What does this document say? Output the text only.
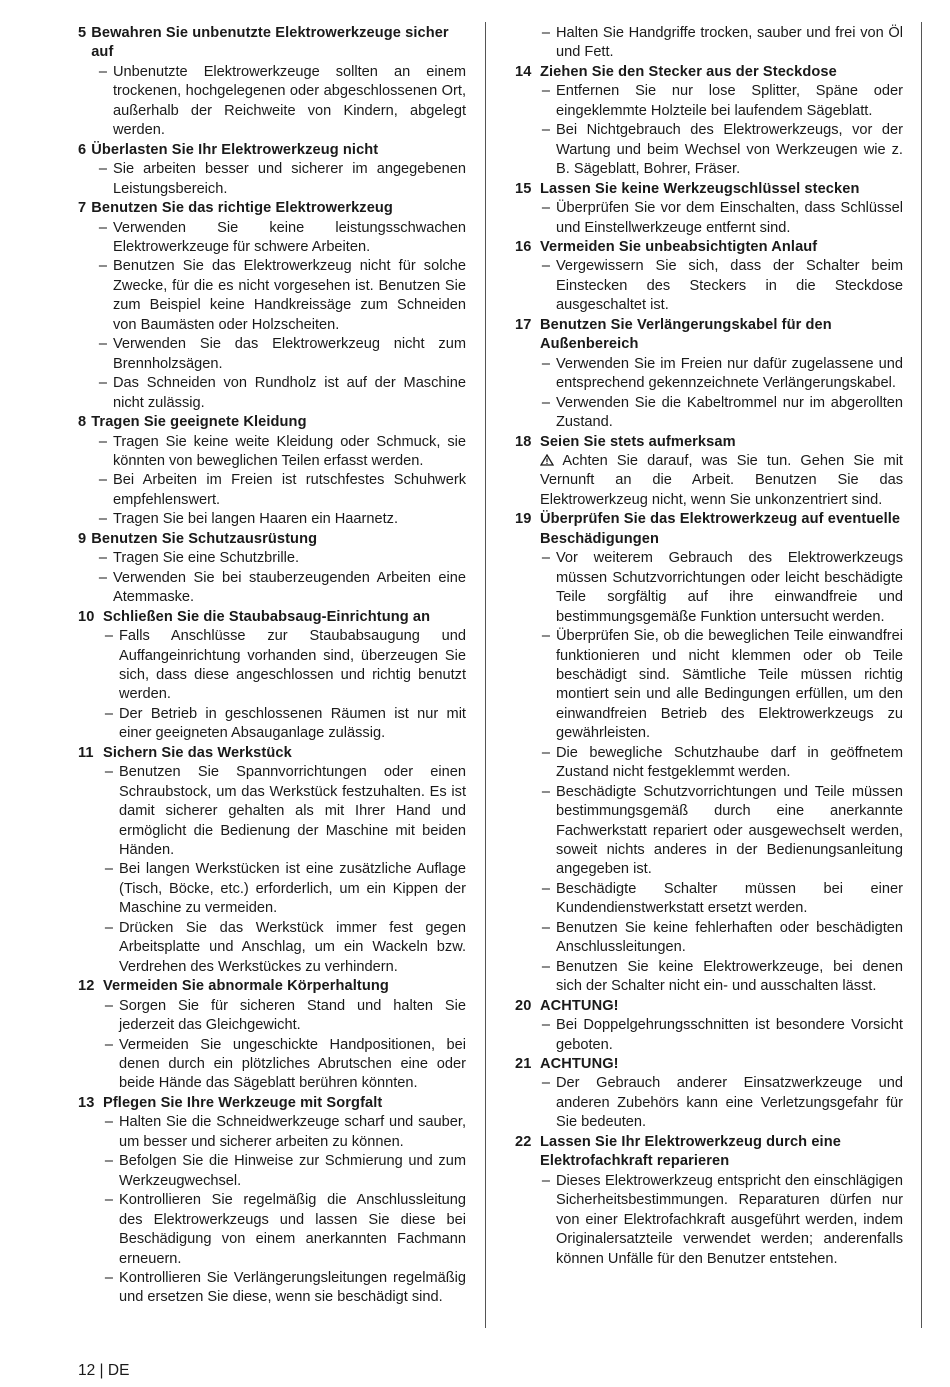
5 Bewahren Sie unbenutzte Elektrowerkzeuge sicher auf
– Unbenutzte Elektrowerkzeuge sollten an einem trockenen, hochgelegenen oder abgeschlossenen Ort, außerhalb der Reichweite von Kindern, abgelegt werden.
6 Überlasten Sie Ihr Elektrowerkzeug nicht
– Sie arbeiten besser und sicherer im angegebenen Leistungsbereich.
7 Benutzen Sie das richtige Elektrowerkzeug
– Verwenden Sie keine leistungsschwachen Elektrowerkzeuge für schwere Arbeiten.
– Benutzen Sie das Elektrowerkzeug nicht für solche Zwecke, für die es nicht vorgesehen ist. Benutzen Sie zum Beispiel keine Handkreissäge zum Schneiden von Baumästen oder Holzscheiten.
– Verwenden Sie das Elektrowerkzeug nicht zum Brennholzsägen.
– Das Schneiden von Rundholz ist auf der Maschine nicht zulässig.
8 Tragen Sie geeignete Kleidung
– Tragen Sie keine weite Kleidung oder Schmuck, sie könnten von beweglichen Teilen erfasst werden.
– Bei Arbeiten im Freien ist rutschfestes Schuhwerk empfehlenswert.
– Tragen Sie bei langen Haaren ein Haarnetz.
9 Benutzen Sie Schutzausrüstung
– Tragen Sie eine Schutzbrille.
– Verwenden Sie bei stauberzeugenden Arbeiten eine Atemmaske.
10 Schließen Sie die Staubabsaug-Einrichtung an
– Falls Anschlüsse zur Staubabsaugung und Auffangeinrichtung vorhanden sind, überzeugen Sie sich, dass diese angeschlossen und richtig benutzt werden.
– Der Betrieb in geschlossenen Räumen ist nur mit einer geeigneten Absauganlage zulässig.
11 Sichern Sie das Werkstück
– Benutzen Sie Spannvorrichtungen oder einen Schraubstock, um das Werkstück festzuhalten. Es ist damit sicherer gehalten als mit Ihrer Hand und ermöglicht die Bedienung der Maschine mit beiden Händen.
– Bei langen Werkstücken ist eine zusätzliche Auflage (Tisch, Böcke, etc.) erforderlich, um ein Kippen der Maschine zu vermeiden.
– Drücken Sie das Werkstück immer fest gegen Arbeitsplatte und Anschlag, um ein Wackeln bzw. Verdrehen des Werkstückes zu verhindern.
12 Vermeiden Sie abnormale Körperhaltung
– Sorgen Sie für sicheren Stand und halten Sie jederzeit das Gleichgewicht.
– Vermeiden Sie ungeschickte Handpositionen, bei denen durch ein plötzliches Abrutschen eine oder beide Hände das Sägeblatt berühren könnten.
13 Pflegen Sie Ihre Werkzeuge mit Sorgfalt
– Halten Sie die Schneidwerkzeuge scharf und sauber, um besser und sicherer arbeiten zu können.
– Befolgen Sie die Hinweise zur Schmierung und zum Werkzeugwechsel.
– Kontrollieren Sie regelmäßig die Anschlussleitung des Elektrowerkzeugs und lassen Sie diese bei Beschädigung von einem anerkannten Fachmann erneuern.
– Kontrollieren Sie Verlängerungsleitungen regelmäßig und ersetzen Sie diese, wenn sie beschädigt sind.
– Halten Sie Handgriffe trocken, sauber und frei von Öl und Fett.
14 Ziehen Sie den Stecker aus der Steckdose
– Entfernen Sie nur lose Splitter, Späne oder eingeklemmte Holzteile bei laufendem Sägeblatt.
– Bei Nichtgebrauch des Elektrowerkzeugs, vor der Wartung und beim Wechsel von Werkzeugen wie z. B. Sägeblatt, Bohrer, Fräser.
15 Lassen Sie keine Werkzeugschlüssel stecken
– Überprüfen Sie vor dem Einschalten, dass Schlüssel und Einstellwerkzeuge entfernt sind.
16 Vermeiden Sie unbeabsichtigten Anlauf
– Vergewissern Sie sich, dass der Schalter beim Einstecken des Steckers in die Steckdose ausgeschaltet ist.
17 Benutzen Sie Verlängerungskabel für den Außenbereich
– Verwenden Sie im Freien nur dafür zugelassene und entsprechend gekennzeichnete Verlängerungskabel.
– Verwenden Sie die Kabeltrommel nur im abgerollten Zustand.
18 Seien Sie stets aufmerksam
Achten Sie darauf, was Sie tun. Gehen Sie mit Vernunft an die Arbeit. Benutzen Sie das Elektrowerkzeug nicht, wenn Sie unkonzentriert sind.
19 Überprüfen Sie das Elektrowerkzeug auf eventuelle Beschädigungen
– Vor weiterem Gebrauch des Elektrowerkzeugs müssen Schutzvorrichtungen oder leicht beschädigte Teile sorgfältig auf ihre einwandfreie und bestimmungsgemäße Funktion untersucht werden.
– Überprüfen Sie, ob die beweglichen Teile einwandfrei funktionieren und nicht klemmen oder ob Teile beschädigt sind. Sämtliche Teile müssen richtig montiert sein und alle Bedingungen erfüllen, um den einwandfreien Betrieb des Elektrowerkzeugs zu gewährleisten.
– Die bewegliche Schutzhaube darf in geöffnetem Zustand nicht festgeklemmt werden.
– Beschädigte Schutzvorrichtungen und Teile müssen bestimmungsgemäß durch eine anerkannte Fachwerkstatt repariert oder ausgewechselt werden, soweit nichts anderes in der Bedienungsanleitung angegeben ist.
– Beschädigte Schalter müssen bei einer Kundendienstwerkstatt ersetzt werden.
– Benutzen Sie keine fehlerhaften oder beschädigten Anschlussleitungen.
– Benutzen Sie keine Elektrowerkzeuge, bei denen sich der Schalter nicht ein- und ausschalten lässt.
20 ACHTUNG!
– Bei Doppelgehrungsschnitten ist besondere Vorsicht geboten.
21 ACHTUNG!
– Der Gebrauch anderer Einsatzwerkzeuge und anderen Zubehörs kann eine Verletzungsgefahr für Sie bedeuten.
22 Lassen Sie Ihr Elektrowerkzeug durch eine Elektrofachkraft reparieren
– Dieses Elektrowerkzeug entspricht den einschlägigen Sicherheitsbestimmungen. Reparaturen dürfen nur von einer Elektrofachkraft ausgeführt werden, indem Originalersatzteile verwendet werden; anderenfalls können Unfälle für den Benutzer entstehen.
12 | DE
